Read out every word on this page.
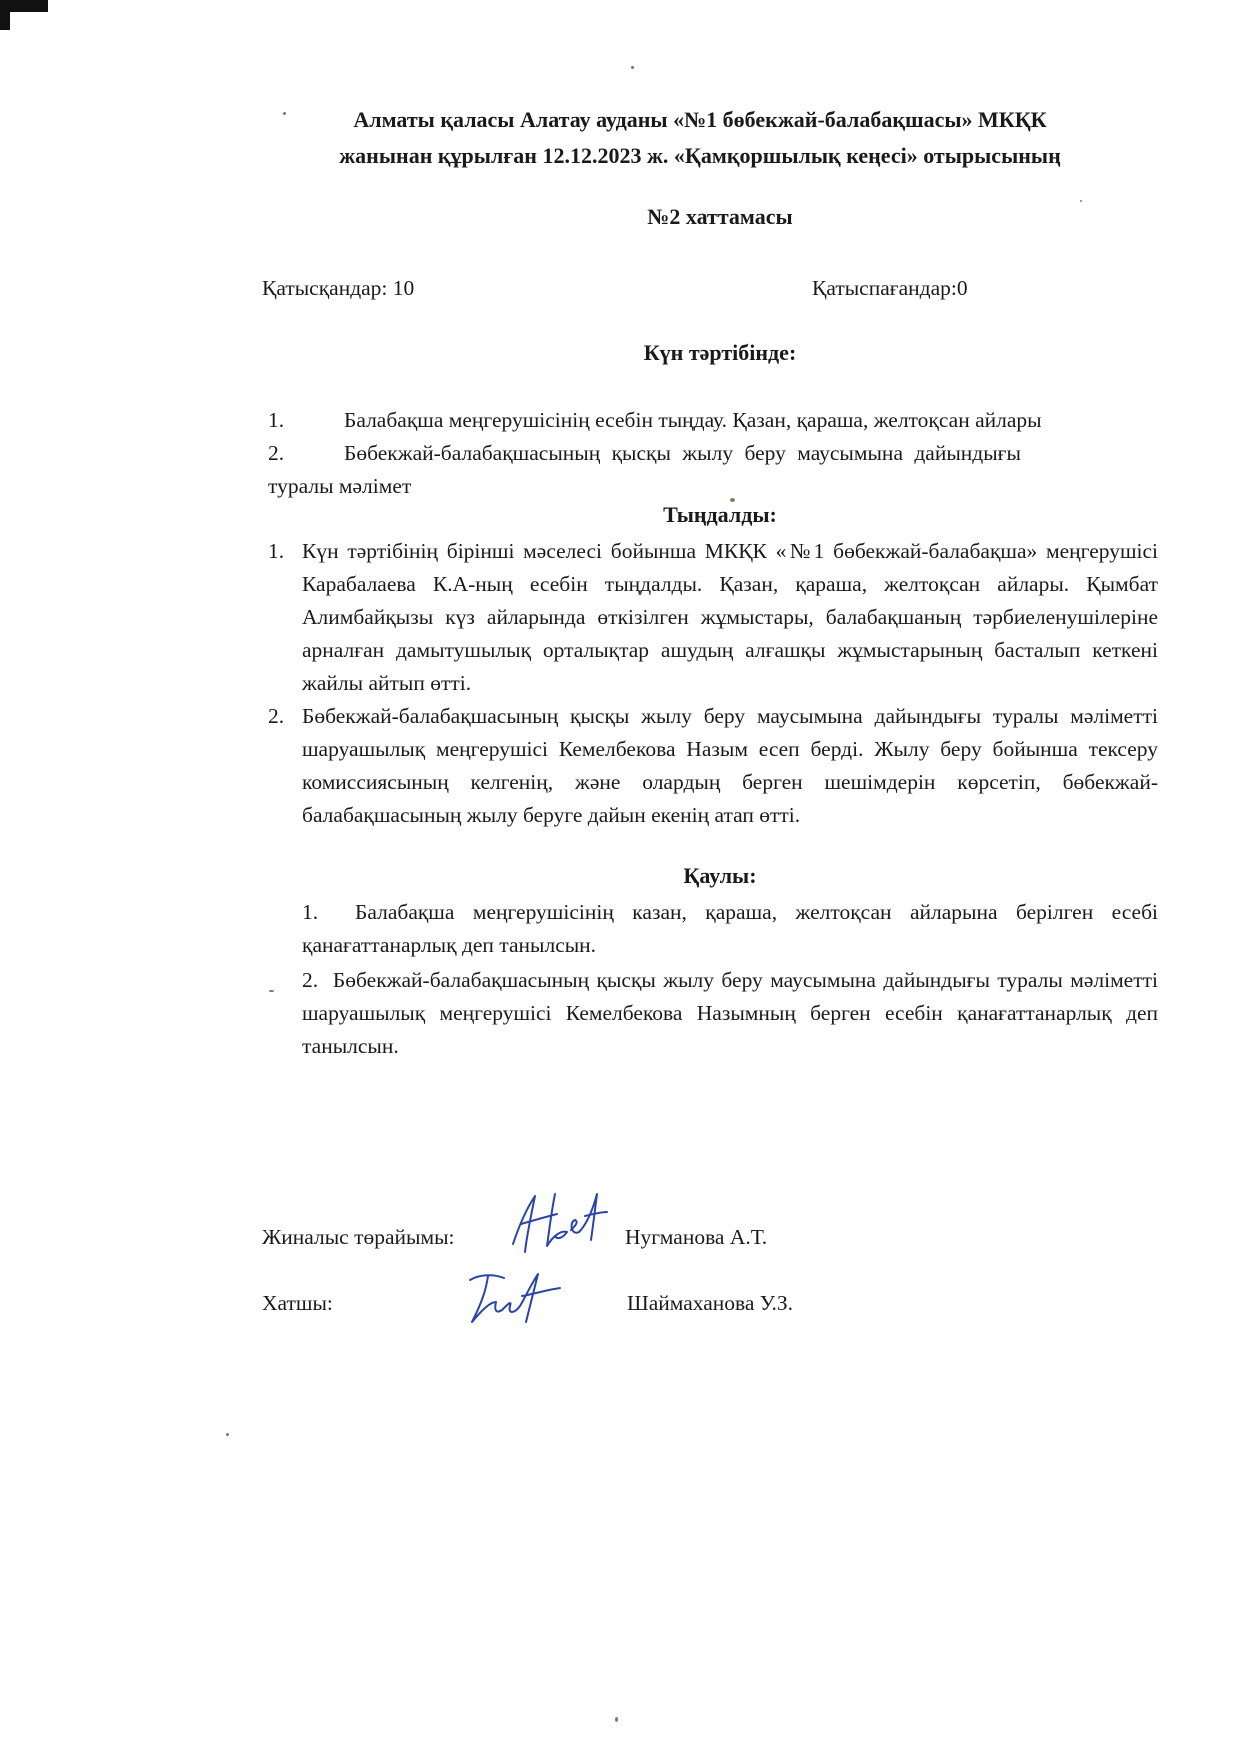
Алматы қаласы Алатау ауданы «№1 бөбекжай-балабақшасы» МКҚК
жанынан құрылған 12.12.2023 ж. «Қамқоршылық кеңесі» отырысының
№2 хаттамасы
Қатысқандар: 10	Қатыспағандар:0
Күн тәртібінде:
1.	Балабақша меңгерушісінің есебін тыңдау. Қазан, қараша, желтоқсан айлары
2.	Бөбекжай-балабақшасының қысқы жылу беру маусымына дайындығы
туралы мәлімет
Тыңдалды:
1. Күн тәртібінің бірінші мәселесі бойынша МКҚК «№1 бөбекжай-балабақша» меңгерушісі Карабалаева К.А-ның есебін тыңдалды. Қазан, қараша, желтоқсан айлары. Қымбат Алимбайқызы күз айларында өткізілген жұмыстары, балабақшаның тәрбиеленушілеріне арналған дамытушылық орталықтар ашудың алғашқы жұмыстарының басталып кеткені жайлы айтып өтті.
2. Бөбекжай-балабақшасының қысқы жылу беру маусымына дайындығы туралы мәліметті шаруашылық меңгерушісі Кемелбекова Назым есеп берді. Жылу беру бойынша тексеру комиссиясының келгенің, және олардың берген шешімдерін көрсетіп, бөбекжай-балабақшасының жылу беруге дайын екенің атап өтті.
Қаулы:
1. Балабақша меңгерушісінің казан, қараша, желтоқсан айларына берілген есебі қанағаттанарлық деп танылсын.
2. Бөбекжай-балабақшасының қысқы жылу беру маусымына дайындығы туралы мәліметті шаруашылық меңгерушісі Кемелбекова Назымның берген есебін қанағаттанарлық деп танылсын.
Жиналыс төрайымы:	Нугманова А.Т.
Хатшы:	Шаймаханова У.З.
